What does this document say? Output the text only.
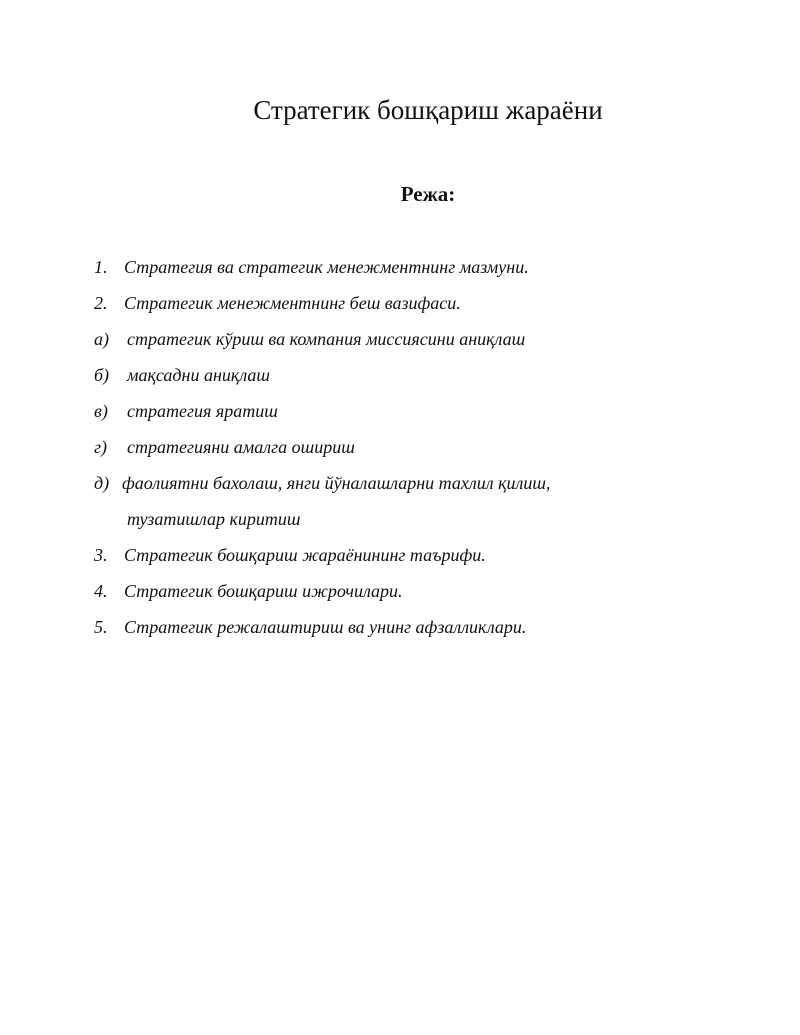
Стратегик бошқариш жараёни
Режа:
1. Стратегия ва стратегик менежментнинг мазмуни.
2. Стратегик менежментнинг беш вазифаси.
а) стратегик кўриш ва компания миссиясини аниқлаш
б) мақсадни аниқлаш
в) стратегия яратиш
г) стратегияни амалга ошириш
д) фаолиятни бахолаш, янги йўналашларни тахлил қилиш,
тузатишлар киритиш
3. Стратегик бошқариш жараёнининг таърифи.
4. Стратегик бошқариш ижрочилари.
5. Стратегик режалаштириш ва унинг афзалликлари.
